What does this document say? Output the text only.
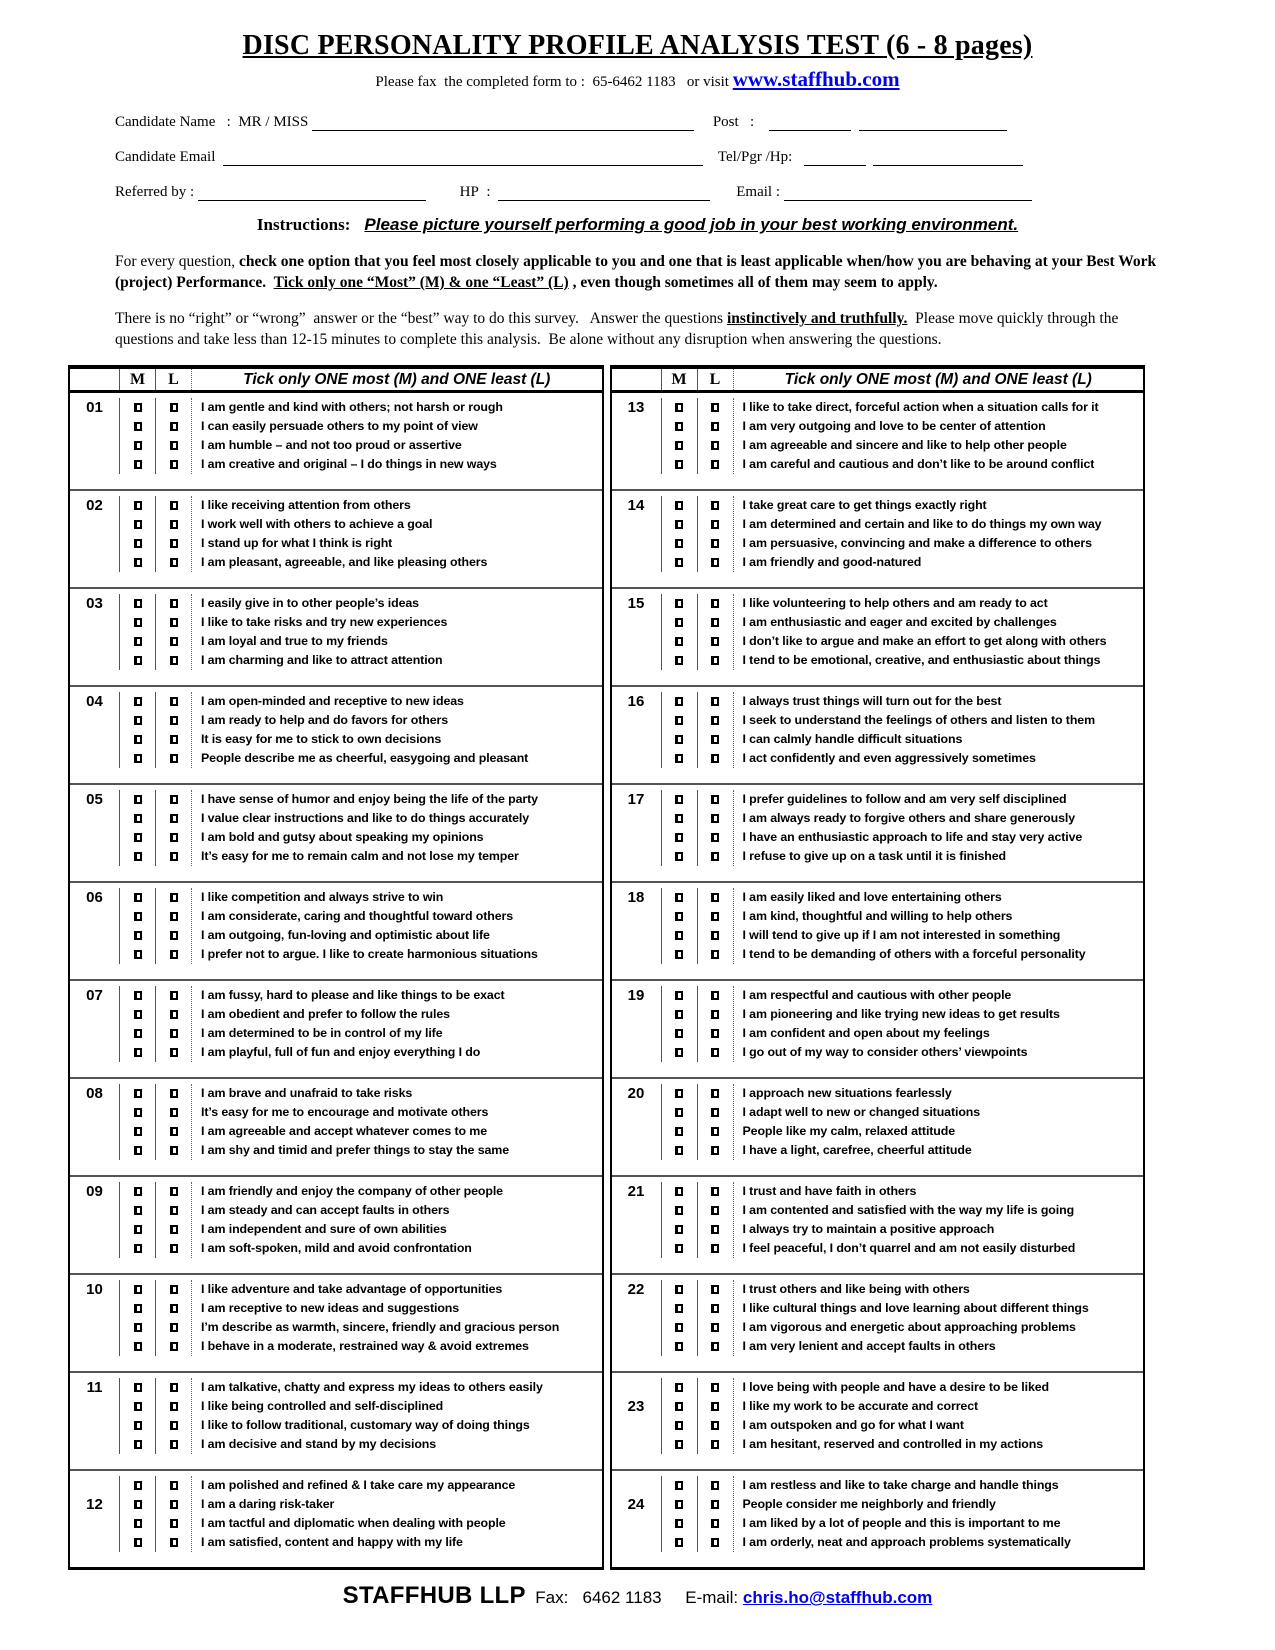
DISC PERSONALITY PROFILE ANALYSIS TEST (6 - 8 pages)
Please fax  the completed form to :  65-6462 1183   or visit www.staffhub.com
Candidate Name
:
MR / MISS

	Post
:

Candidate Email

	Tel/Pgr /Hp:

Referred by :

	HP
:

	Email :

Instructions: Please picture yourself performing a good job in your best working environment.

For every question, check one option that you feel most closely applicable to you and one that is least applicable when/how you are behaving at your Best Work (project) Performance.  Tick only one “Most” (M) & one “Least” (L) , even though sometimes all of them may seem to apply.

There is no “right” or “wrong”  answer or the “best” way to do this survey.   Answer the questions instinctively and truthfully.  Please move quickly through the questions and take less than 12-15 minutes to complete this analysis.  Be alone without any disruption when answering the questions.

M	L	Tick only ONE most (M) and ONE least (L)
01	I am gentle and kind with others; not harsh or rough
I can easily persuade others to my point of view
I am humble – and not too proud or assertive
I am creative and original – I do things in new ways
02	I like receiving attention from others
I work well with others to achieve a goal
I stand up for what I think is right
I am pleasant, agreeable, and like pleasing others
03	I easily give in to other people’s ideas
I like to take risks and try new experiences
I am loyal and true to my friends
I am charming and like to attract attention
04	I am open-minded and receptive to new ideas
I am ready to help and do favors for others
It is easy for me to stick to own decisions
People describe me as cheerful, easygoing and pleasant
05	I have sense of humor and enjoy being the life of the party
I value clear instructions and like to do things accurately
I am bold and gutsy about speaking my opinions
It’s easy for me to remain calm and not lose my temper
06	I like competition and always strive to win
I am considerate, caring and thoughtful toward others
I am outgoing, fun-loving and optimistic about life
I prefer not to argue. I like to create harmonious situations
07	I am fussy, hard to please and like things to be exact
I am obedient and prefer to follow the rules
I am determined to be in control of my life
I am playful, full of fun and enjoy everything I do
08	I am brave and unafraid to take risks
It’s easy for me to encourage and motivate others
I am agreeable and accept whatever comes to me
I am shy and timid and prefer things to stay the same
09	I am friendly and enjoy the company of other people
I am steady and can accept faults in others
I am independent and sure of own abilities
I am soft-spoken, mild and avoid confrontation
10	I like adventure and take advantage of opportunities
I am receptive to new ideas and suggestions
I’m describe as warmth, sincere, friendly and gracious person
I behave in a moderate, restrained way & avoid extremes
11	I am talkative, chatty and express my ideas to others easily
I like being controlled and self-disciplined
I like to follow traditional, customary way of doing things
I am decisive and stand by my decisions
12
I am polished and refined & I take care my appearance
I am a daring risk-taker
I am tactful and diplomatic when dealing with people
I am satisfied, content and happy with my life
M	L	Tick only ONE most (M) and ONE least (L)
13	I like to take direct, forceful action when a situation calls for it
I am very outgoing and love to be center of attention
I am agreeable and sincere and like to help other people
I am careful and cautious and don’t like to be around conflict
14	I take great care to get things exactly right
I am determined and certain and like to do things my own way
I am persuasive, convincing and make a difference to others
I am friendly and good-natured
15	I like volunteering to help others and am ready to act
I am enthusiastic and eager and excited by challenges
I don’t like to argue and make an effort to get along with others
I tend to be emotional, creative, and enthusiastic about things
16	I always trust things will turn out for the best
I seek to understand the feelings of others and listen to them
I can calmly handle difficult situations
I act confidently and even aggressively sometimes
17	I prefer guidelines to follow and am very self disciplined
I am always ready to forgive others and share generously
I have an enthusiastic approach to life and stay very active
I refuse to give up on a task until it is finished
18	I am easily liked and love entertaining others
I am kind, thoughtful and willing to help others
I will tend to give up if I am not interested in something
I tend to be demanding of others with a forceful personality
19	I am respectful and cautious with other people
I am pioneering and like trying new ideas to get results
I am confident and open about my feelings
I go out of my way to consider others’ viewpoints
20	I approach new situations fearlessly
I adapt well to new or changed situations
People like my calm, relaxed attitude
I have a light, carefree, cheerful attitude
21	I trust and have faith in others
I am contented and satisfied with the way my life is going
I always try to maintain a positive approach
I feel peaceful, I don’t quarrel and am not easily disturbed
22	I trust others and like being with others
I like cultural things and love learning about different things
I am vigorous and energetic about approaching problems
I am very lenient and accept faults in others
23
I love being with people and have a desire to be liked
I like my work to be accurate and correct
I am outspoken and go for what I want
I am hesitant, reserved and controlled in my actions
24
I am restless and like to take charge and handle things
People consider me neighborly and friendly
I am liked by a lot of people and this is important to me
I am orderly, neat and approach problems systematically
STAFFHUB LLP Fax: 6462 1183 E-mail: chris.ho@staffhub.com
